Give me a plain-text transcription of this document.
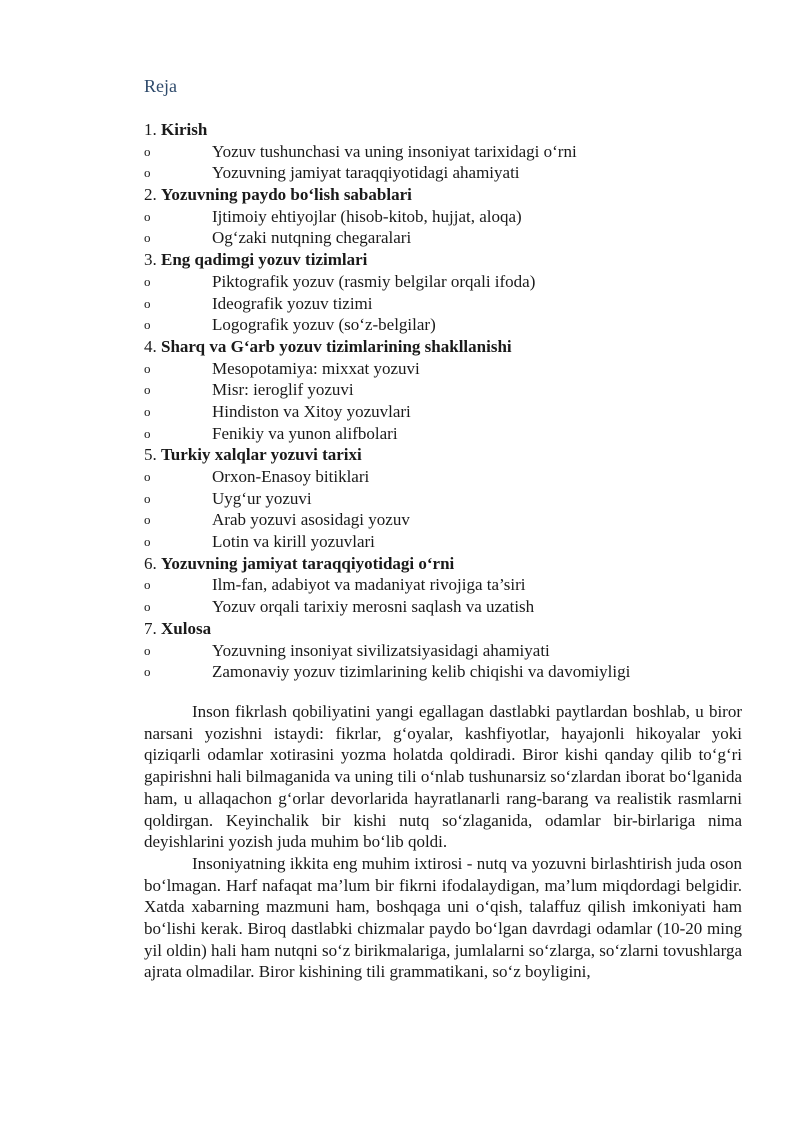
Reja
1. Kirish
o	Yozuv tushunchasi va uning insoniyat tarixidagi o‘rni
o	Yozuvning jamiyat taraqqiyotidagi ahamiyati
2. Yozuvning paydo bo‘lish sabablari
o	Ijtimoiy ehtiyojlar (hisob-kitob, hujjat, aloqa)
o	Og‘zaki nutqning chegaralari
3. Eng qadimgi yozuv tizimlari
o	Piktografik yozuv (rasmiy belgilar orqali ifoda)
o	Ideografik yozuv tizimi
o	Logografik yozuv (so‘z-belgilar)
4. Sharq va G‘arb yozuv tizimlarining shakllanishi
o	Mesopotamiya: mixxat yozuvi
o	Misr: ieroglif yozuvi
o	Hindiston va Xitoy yozuvlari
o	Fenikiy va yunon alifbolari
5. Turkiy xalqlar yozuvi tarixi
o	Orxon-Enasoy bitiklari
o	Uyg‘ur yozuvi
o	Arab yozuvi asosidagi yozuv
o	Lotin va kirill yozuvlari
6. Yozuvning jamiyat taraqqiyotidagi o‘rni
o	Ilm-fan, adabiyot va madaniyat rivojiga ta’siri
o	Yozuv orqali tarixiy merosni saqlash va uzatish
7. Xulosa
o	Yozuvning insoniyat sivilizatsiyasidagi ahamiyati
o	Zamonaviy yozuv tizimlarining kelib chiqishi va davomiyligi

Inson fikrlash qobiliyatini yangi egallagan dastlabki paytlardan boshlab, u biror narsani yozishni istaydi: fikrlar, g‘oyalar, kashfiyotlar, hayajonli hikoyalar yoki qiziqarli odamlar xotirasini yozma holatda qoldiradi. Biror kishi qanday qilib to‘g‘ri gapirishni hali bilmaganida va uning tili o‘nlab tushunarsiz so‘zlardan iborat bo‘lganida ham, u allaqachon g‘orlar devorlarida hayratlanarli rang-barang va realistik rasmlarni qoldirgan. Keyinchalik bir kishi nutq so‘zlaganida, odamlar bir-birlariga nima deyishlarini yozish juda muhim bo‘lib qoldi.

Insoniyatning ikkita eng muhim ixtirosi - nutq va yozuvni birlashtirish juda oson bo‘lmagan. Harf nafaqat ma’lum bir fikrni ifodalaydigan, ma’lum miqdordagi belgidir. Xatda xabarning mazmuni ham, boshqaga uni o‘qish, talaffuz qilish imkoniyati ham bo‘lishi kerak. Biroq dastlabki chizmalar paydo bo‘lgan davrdagi odamlar (10-20 ming yil oldin) hali ham nutqni so‘z birikmalariga, jumlalarni so‘zlarga, so‘zlarni tovushlarga ajrata olmadilar. Biror kishining tili grammatikani, so‘z boyligini,
